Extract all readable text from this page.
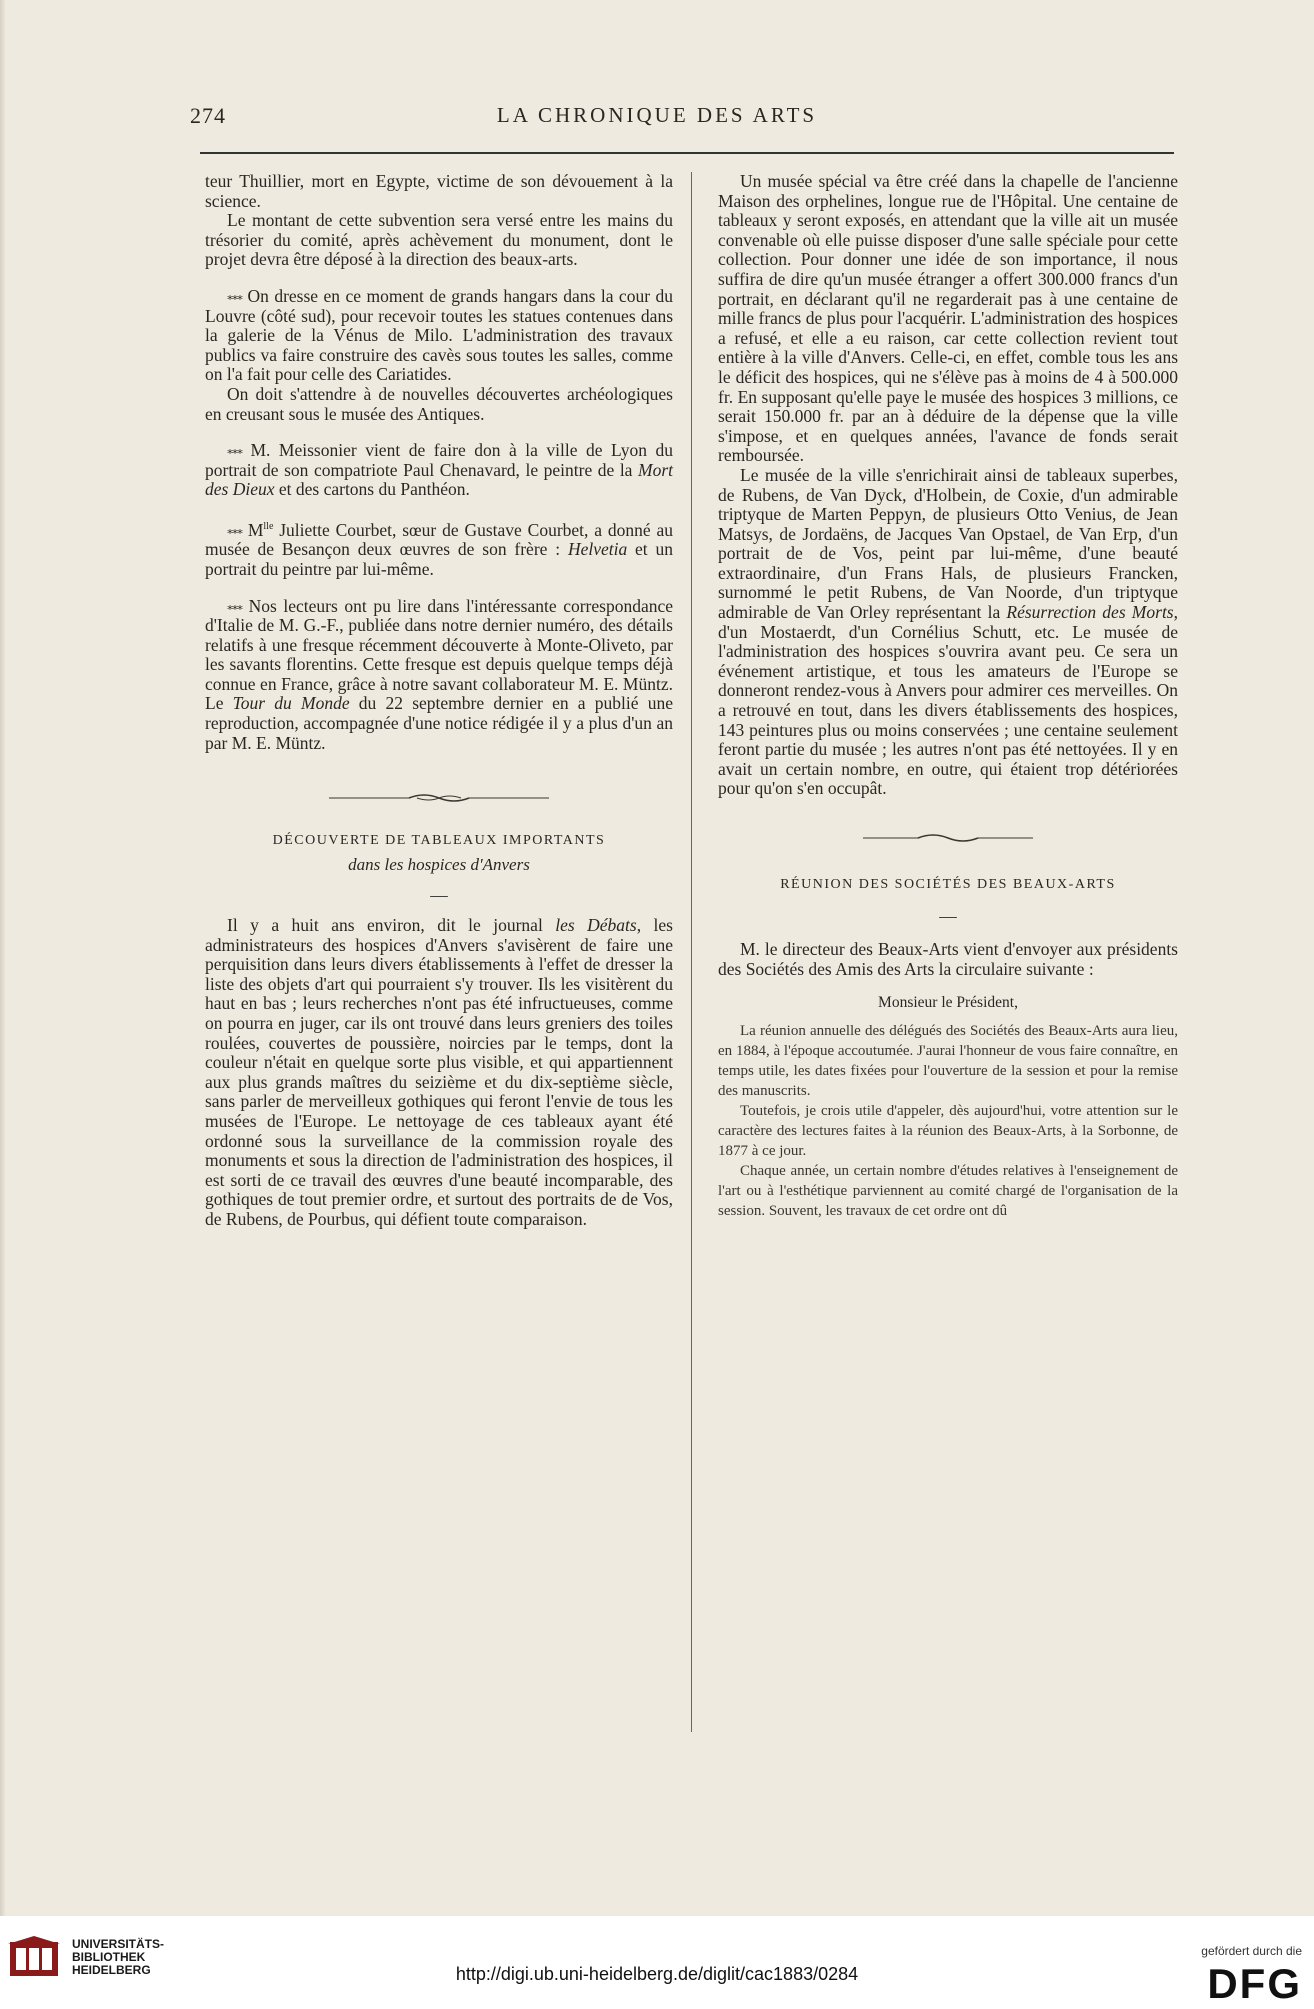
274	LA CHRONIQUE DES ARTS

teur Thuillier, mort en Egypte, victime de son dévouement à la science.

Le montant de cette subvention sera versé entre les mains du trésorier du comité, après achèvement du monument, dont le projet devra être déposé à la direction des beaux-arts.

⁎⁎⁎ On dresse en ce moment de grands hangars dans la cour du Louvre (côté sud), pour recevoir toutes les statues contenues dans la galerie de la Vénus de Milo. L'administration des travaux publics va faire construire des cavès sous toutes les salles, comme on l'a fait pour celle des Cariatides.

On doit s'attendre à de nouvelles découvertes archéologiques en creusant sous le musée des Antiques.

⁎⁎⁎ M. Meissonier vient de faire don à la ville de Lyon du portrait de son compatriote Paul Chenavard, le peintre de la Mort des Dieux et des cartons du Panthéon.

⁎⁎⁎ $M^{lle}$ Juliette Courbet, sœur de Gustave Courbet, a donné au musée de Besançon deux œuvres de son frère : Helvetia et un portrait du peintre par lui-même.

⁎⁎⁎ Nos lecteurs ont pu lire dans l'intéressante correspondance d'Italie de M. G.-F., publiée dans notre dernier numéro, des détails relatifs à une fresque récemment découverte à Monte-Oliveto, par les savants florentins. Cette fresque est depuis quelque temps déjà connue en France, grâce à notre savant collaborateur M. E. Müntz. Le Tour du Monde du 22 septembre dernier en a publié une reproduction, accompagnée d'une notice rédigée il y a plus d'un an par M. E. Müntz.

DÉCOUVERTE DE TABLEAUX IMPORTANTS
dans les hospices d'Anvers
—

Il y a huit ans environ, dit le journal les Débats, les administrateurs des hospices d'Anvers s'avisèrent de faire une perquisition dans leurs divers établissements à l'effet de dresser la liste des objets d'art qui pourraient s'y trouver. Ils les visitèrent du haut en bas ; leurs recherches n'ont pas été infructueuses, comme on pourra en juger, car ils ont trouvé dans leurs greniers des toiles roulées, couvertes de poussière, noircies par le temps, dont la couleur n'était en quelque sorte plus visible, et qui appartiennent aux plus grands maîtres du seizième et du dix-septième siècle, sans parler de merveilleux gothiques qui feront l'envie de tous les musées de l'Europe. Le nettoyage de ces tableaux ayant été ordonné sous la surveillance de la commission royale des monuments et sous la direction de l'administration des hospices, il est sorti de ce travail des œuvres d'une beauté incomparable, des gothiques de tout premier ordre, et surtout des portraits de de Vos, de Rubens, de Pourbus, qui défient toute comparaison.

Un musée spécial va être créé dans la chapelle de l'ancienne Maison des orphelines, longue rue de l'Hôpital. Une centaine de tableaux y seront exposés, en attendant que la ville ait un musée convenable où elle puisse disposer d'une salle spéciale pour cette collection. Pour donner une idée de son importance, il nous suffira de dire qu'un musée étranger a offert 300.000 francs d'un portrait, en déclarant qu'il ne regarderait pas à une centaine de mille francs de plus pour l'acquérir. L'administration des hospices a refusé, et elle a eu raison, car cette collection revient tout entière à la ville d'Anvers. Celle-ci, en effet, comble tous les ans le déficit des hospices, qui ne s'élève pas à moins de 4 à 500.000 fr. En supposant qu'elle paye le musée des hospices 3 millions, ce serait 150.000 fr. par an à déduire de la dépense que la ville s'impose, et en quelques années, l'avance de fonds serait remboursée.

Le musée de la ville s'enrichirait ainsi de tableaux superbes, de Rubens, de Van Dyck, d'Holbein, de Coxie, d'un admirable triptyque de Marten Peppyn, de plusieurs Otto Venius, de Jean Matsys, de Jordaëns, de Jacques Van Opstael, de Van Erp, d'un portrait de de Vos, peint par lui-même, d'une beauté extraordinaire, d'un Frans Hals, de plusieurs Francken, surnommé le petit Rubens, de Van Noorde, d'un triptyque admirable de Van Orley représentant la Résurrection des Morts, d'un Mostaerdt, d'un Cornélius Schutt, etc. Le musée de l'administration des hospices s'ouvrira avant peu. Ce sera un événement artistique, et tous les amateurs de l'Europe se donneront rendez-vous à Anvers pour admirer ces merveilles. On a retrouvé en tout, dans les divers établissements des hospices, 143 peintures plus ou moins conservées ; une centaine seulement feront partie du musée ; les autres n'ont pas été nettoyées. Il y en avait un certain nombre, en outre, qui étaient trop détériorées pour qu'on s'en occupât.

RÉUNION DES SOCIÉTÉS DES BEAUX-ARTS
—

M. le directeur des Beaux-Arts vient d'envoyer aux présidents des Sociétés des Amis des Arts la circulaire suivante :

Monsieur le Président,

La réunion annuelle des délégués des Sociétés des Beaux-Arts aura lieu, en 1884, à l'époque accoutumée. J'aurai l'honneur de vous faire connaître, en temps utile, les dates fixées pour l'ouverture de la session et pour la remise des manuscrits.

Toutefois, je crois utile d'appeler, dès aujourd'hui, votre attention sur le caractère des lectures faites à la réunion des Beaux-Arts, à la Sorbonne, de 1877 à ce jour.

Chaque année, un certain nombre d'études relatives à l'enseignement de l'art ou à l'esthétique parviennent au comité chargé de l'organisation de la session. Souvent, les travaux de cet ordre ont dû

UNIVERSITÄTS-
BIBLIOTHEK
HEIDELBERG	http://digi.ub.uni-heidelberg.de/diglit/cac1883/0284
gefördert durch die
DFG
